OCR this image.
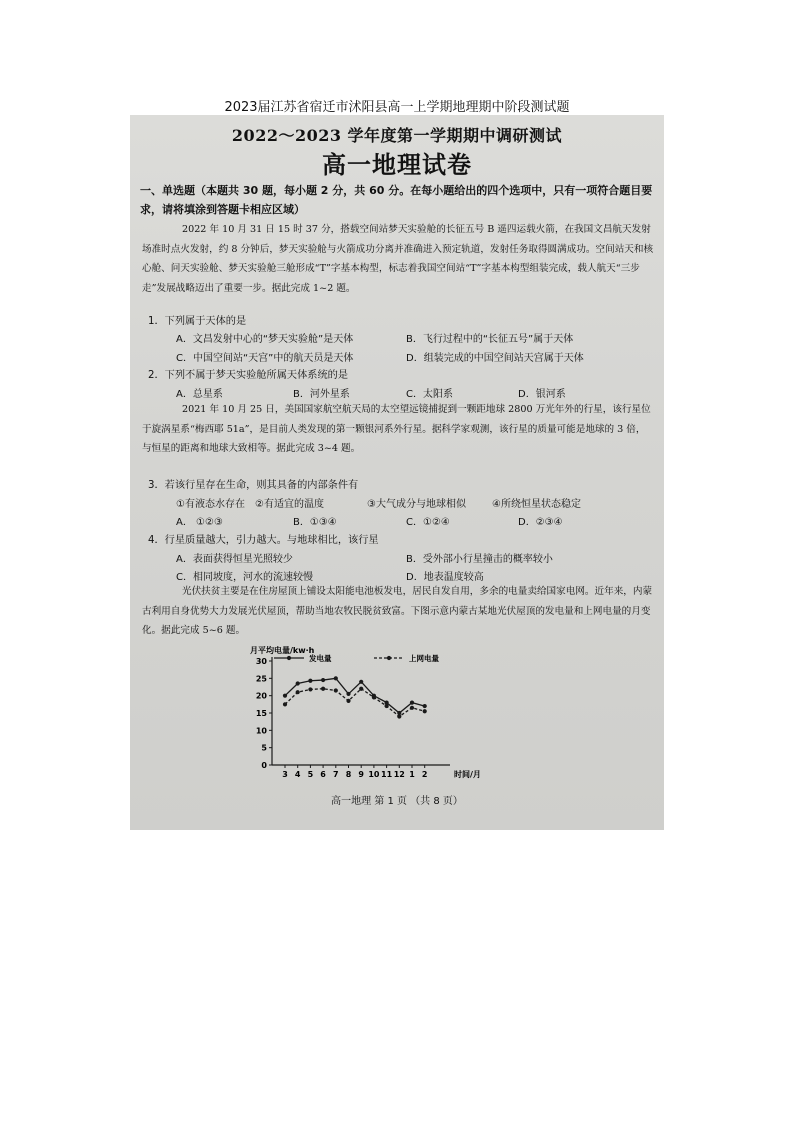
2023届江苏省宿迁市沭阳县高一上学期地理期中阶段测试题
2022～2023 学年度第一学期期中调研测试
高一地理试卷
一、单选题（本题共 30 题，每小题 2 分，共 60 分。在每小题给出的四个选项中，只有一项符合题目要求，请将填涂到答题卡相应区域）
2022 年 10 月 31 日 15 时 37 分，搭载空间站梦天实验舱的长征五号 B 遥四运载火箭，在我国文昌航天发射场准时点火发射，约 8 分钟后，梦天实验舱与火箭成功分离并准确进入预定轨道，发射任务取得圆满成功。空间站天和核心舱、问天实验舱、梦天实验舱三舱形成“T”字基本构型，标志着我国空间站“T”字基本构型组装完成，载人航天“三步走”发展战略迈出了重要一步。据此完成 1~2 题。
1．下列属于天体的是
A．文昌发射中心的“梦天实验舱”是天体	B．飞行过程中的“长征五号”属于天体
C．中国空间站“天宫”中的航天员是天体	D．组装完成的中国空间站天宫属于天体
2．下列不属于梦天实验舱所属天体系统的是
A．总星系	B．河外星系	C．太阳系	D．银河系
2021 年 10 月 25 日，美国国家航空航天局的太空望远镜捕捉到一颗距地球 2800 万光年外的行星，该行星位于旋涡星系“梅西耶 51a”，是目前人类发现的第一颗银河系外行星。据科学家观测，该行星的质量可能是地球的 3 倍，与恒星的距离和地球大致相等。据此完成 3~4 题。
3．若该行星存在生命，则其具备的内部条件有
①有液态水存在 ②有适宜的温度	③大气成分与地球相似	④所绕恒星状态稳定
A． ①②③	B．①③④	C．①②④	D．②③④
4．行星质量越大，引力越大。与地球相比，该行星
A．表面获得恒星光照较少	B．受外部小行星撞击的概率较小
C．相同坡度，河水的流速较慢	D．地表温度较高
光伏扶贫主要是在住房屋顶上铺设太阳能电池板发电，居民自发自用，多余的电量卖给国家电网。近年来，内蒙古利用自身优势大力发展光伏屋顶，帮助当地农牧民脱贫致富。下图示意内蒙古某地光伏屋顶的发电量和上网电量的月变化。据此完成 5~6 题。
月平均电量/kw·h
时间/月
0
5
10
15
20
25
30
3 4 5 6 7 8 9 10 11 12 1 2
发电量	上网电量
高一地理 第 1 页 （共 8 页）
